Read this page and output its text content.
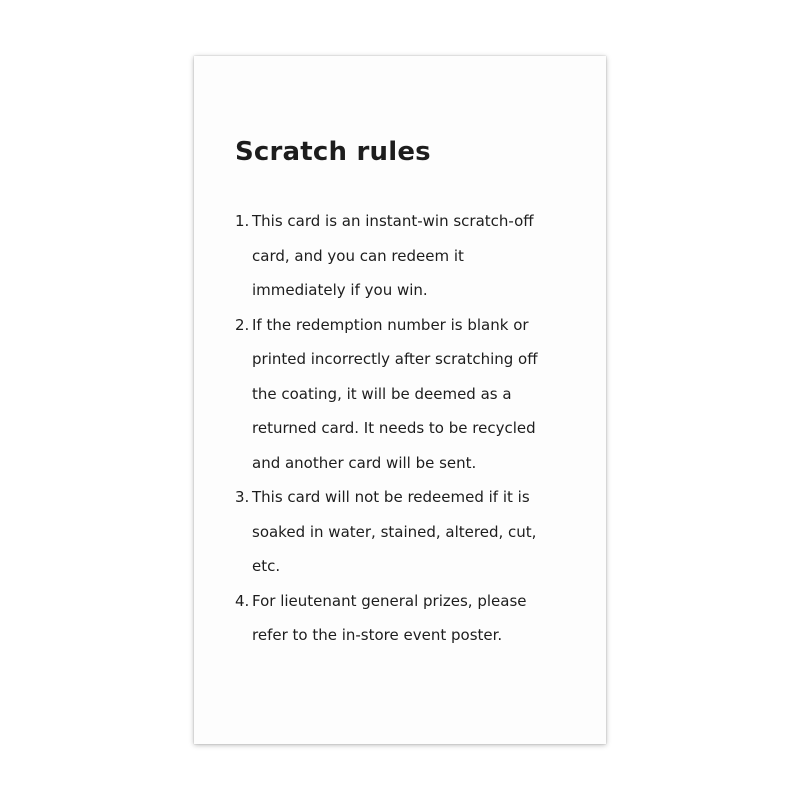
Scratch rules
1. This card is an instant-win scratch-off
card, and you can redeem it
immediately if you win.
2. If the redemption number is blank or
printed incorrectly after scratching off
the coating, it will be deemed as a
returned card. It needs to be recycled
and another card will be sent.
3. This card will not be redeemed if it is
soaked in water, stained, altered, cut,
etc.
4. For lieutenant general prizes, please
refer to the in-store event poster.
